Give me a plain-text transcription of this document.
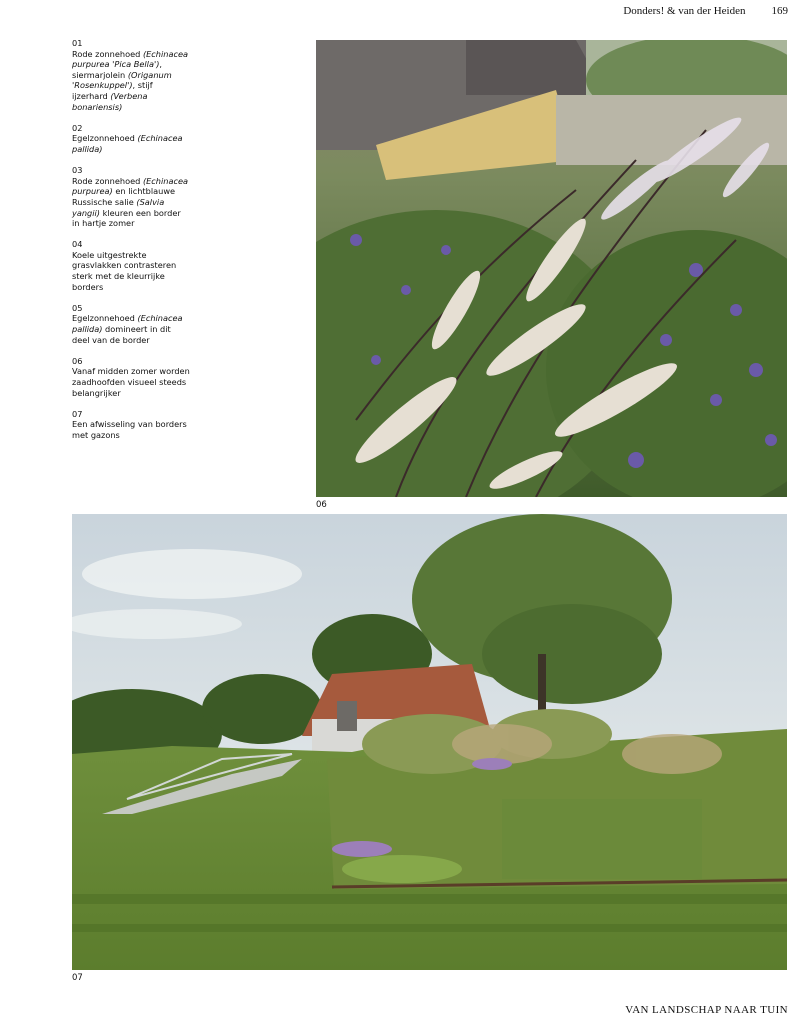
Donders! & van der Heiden 169
01
Rode zonnehoed (Echinacea purpurea 'Pica Bella'), siermarjolein (Origanum 'Rosenkuppel'), stijf ijzerhard (Verbena bonariensis)
02
Egelzonnehoed (Echinacea pallida)
03
Rode zonnehoed (Echinacea purpurea) en lichtblauwe Russische salie (Salvia yangii) kleuren een border in hartje zomer
04
Koele uitgestrekte grasvlakken contrasteren sterk met de kleurrijke borders
05
Egelzonnehoed (Echinacea pallida) domineert in dit deel van de border
06
Vanaf midden zomer worden zaadhoofden visueel steeds belangrijker
07
Een afwisseling van borders met gazons
06
07
VAN LANDSCHAP NAAR TUIN
